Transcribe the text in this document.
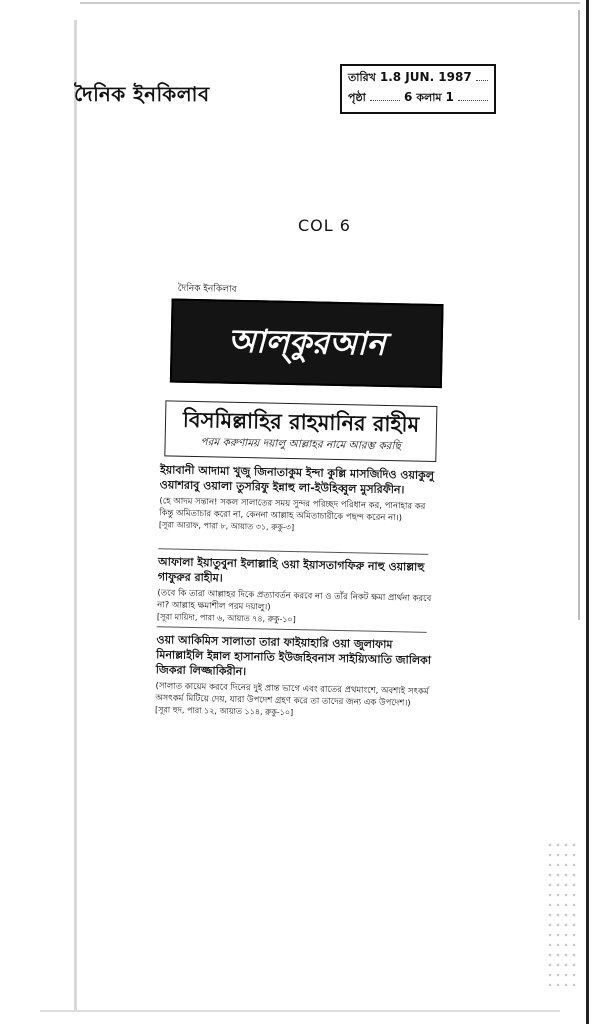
দৈনিক ইনকিলাব
তারিখ 1.8 JUN. 1987
পৃষ্ঠা	6 কলাম 1
COL 6
দৈনিক ইনকিলাব
আল্‌কুরআন
বিসমিল্লাহির রাহমানির রাহীম
পরম করুণাময় দয়ালু আল্লাহর নামে আরম্ভ করছি
ইয়াবানী আদামা খুজু জিনাতাকুম ইন্দা কুল্লি মাসজিদিও ওয়াকুলু ওয়াশরাবু ওয়ালা তুসরিফু ইন্নাহু লা-ইউহিব্বুল মুসরিফীন।
(হে আদম সন্তান! সকল সালাতের সময় সুন্দর পরিচ্ছদ পরিধান কর, পানাহার কর কিন্তু অমিতাচার করো না, কেননা আল্লাহ অমিতাচারীকে পছন্দ করেন না।)
[সূরা আরাফ, পারা ৮, আয়াত ৩১, রুকু-৩]
আফালা ইয়াতুবুনা ইলাল্লাহি ওয়া ইয়াসতাগফিরু নাহু ওয়াল্লাহু গাফুরুর রাহীম।
(তবে কি তারা আল্লাহর দিকে প্রত্যাবর্তন করবে না ও তাঁর নিকট ক্ষমা প্রার্থনা করবে না? আল্লাহ ক্ষমাশীল পরম দয়ালু।)
[সূরা মায়িদা, পারা ৬, আয়াত ৭৪, রুকু-১০]
ওয়া আকিমিস সালাতা তারা ফাইয়াহারি ওয়া জুলাফাম মিনাল্লাইলি ইন্নাল হাসানাতি ইউজহিবনাস সাইয়্যিআতি জালিকা জিকরা লিজ্জাকিরীন।
(সালাত কায়েম করবে দিনের দুই প্রান্ত ভাগে এবং রাতের প্রথমাংশে, অবশ্যই সৎকর্ম অসৎকর্ম মিটিয়ে দেয়, যারা উপদেশ গ্রহণ করে তা তাদের জন্য এক উপদেশ।)
[সূরা হুদ, পারা ১২, আয়াত ১১৪, রুকু-১০]
